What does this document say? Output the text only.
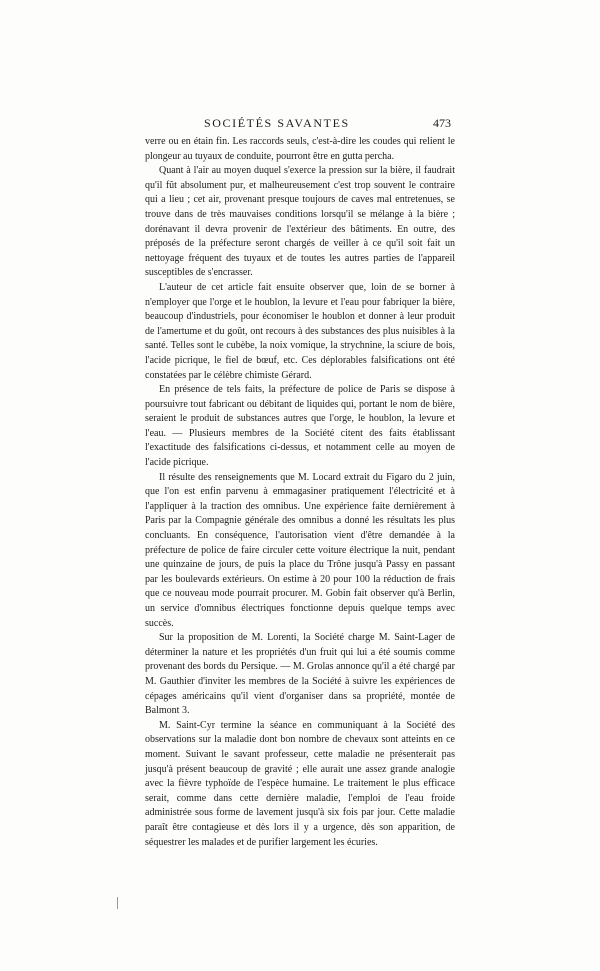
SOCIÉTÉS SAVANTES	473

verre ou en étain fin. Les raccords seuls, c'est-à-dire les coudes qui relient le plongeur au tuyaux de conduite, pourront être en gutta percha.

Quant à l'air au moyen duquel s'exerce la pression sur la bière, il faudrait qu'il fût absolument pur, et malheureusement c'est trop souvent le contraire qui a lieu ; cet air, provenant presque toujours de caves mal entretenues, se trouve dans de très mauvaises conditions lorsqu'il se mélange à la bière ; dorénavant il devra provenir de l'extérieur des bâtiments. En outre, des préposés de la préfecture seront chargés de veiller à ce qu'il soit fait un nettoyage fréquent des tuyaux et de toutes les autres parties de l'appareil susceptibles de s'encrasser.

L'auteur de cet article fait ensuite observer que, loin de se borner à n'employer que l'orge et le houblon, la levure et l'eau pour fabriquer la bière, beaucoup d'industriels, pour économiser le houblon et donner à leur produit de l'amertume et du goût, ont recours à des substances des plus nuisibles à la santé. Telles sont le cubèbe, la noix vomique, la strychnine, la sciure de bois, l'acide picrique, le fiel de bœuf, etc. Ces déplorables falsifications ont été constatées par le célèbre chimiste Gérard.

En présence de tels faits, la préfecture de police de Paris se dispose à poursuivre tout fabricant ou débitant de liquides qui, portant le nom de bière, seraient le produit de substances autres que l'orge, le houblon, la levure et l'eau. — Plusieurs membres de la Société citent des faits établissant l'exactitude des falsifications ci-dessus, et notamment celle au moyen de l'acide picrique.

Il résulte des renseignements que M. Locard extrait du Figaro du 2 juin, que l'on est enfin parvenu à emmagasiner pratiquement l'électricité et à l'appliquer à la traction des omnibus. Une expérience faite dernièrement à Paris par la Compagnie générale des omnibus a donné les résultats les plus concluants. En conséquence, l'autorisation vient d'être demandée à la préfecture de police de faire circuler cette voiture électrique la nuit, pendant une quinzaine de jours, de puis la place du Trône jusqu'à Passy en passant par les boulevards extérieurs. On estime à 20 pour 100 la réduction de frais que ce nouveau mode pourrait procurer. M. Gobin fait observer qu'à Berlin, un service d'omnibus électriques fonctionne depuis quelque temps avec succès.

Sur la proposition de M. Lorenti, la Société charge M. Saint-Lager de déterminer la nature et les propriétés d'un fruit qui lui a été soumis comme provenant des bords du Persique. — M. Grolas annonce qu'il a été chargé par M. Gauthier d'inviter les membres de la Société à suivre les expériences de cépages américains qu'il vient d'organiser dans sa propriété, montée de Balmont 3.

M. Saint-Cyr termine la séance en communiquant à la Société des observations sur la maladie dont bon nombre de chevaux sont atteints en ce moment. Suivant le savant professeur, cette maladie ne présenterait pas jusqu'à présent beaucoup de gravité ; elle aurait une assez grande analogie avec la fièvre typhoïde de l'espèce humaine. Le traitement le plus efficace serait, comme dans cette dernière maladie, l'emploi de l'eau froide administrée sous forme de lavement jusqu'à six fois par jour. Cette maladie paraît être contagieuse et dès lors il y a urgence, dès son apparition, de séquestrer les malades et de purifier largement les écuries.
